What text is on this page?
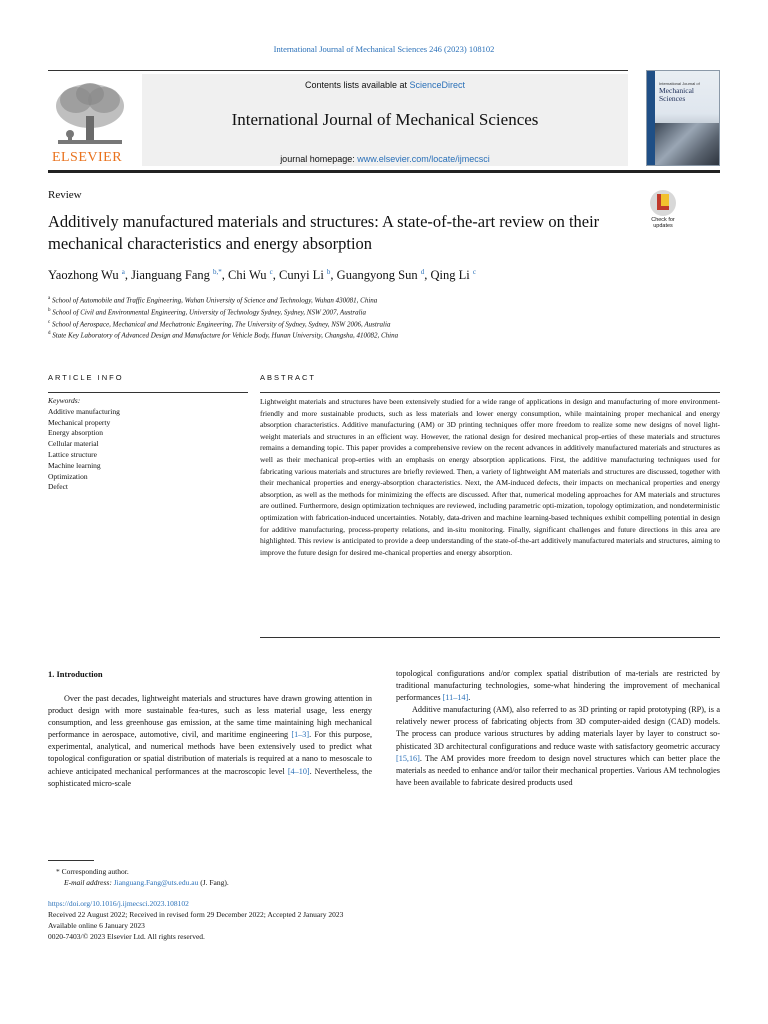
International Journal of Mechanical Sciences 246 (2023) 108102
ELSEVIER
Contents lists available at ScienceDirect
International Journal of Mechanical Sciences
journal homepage: www.elsevier.com/locate/ijmecsci
International Journal of
Mechanical
Sciences
Review
Additively manufactured materials and structures: A state-of-the-art review on their mechanical characteristics and energy absorption
Check for updates
Yaozhong Wu $^a$, Jianguang Fang $^{b,*}$, Chi Wu $^c$, Cunyi Li $^b$, Guangyong Sun $^d$, Qing Li $^c$
$^a$ School of Automobile and Traffic Engineering, Wuhan University of Science and Technology, Wuhan 430081, China
$^b$ School of Civil and Environmental Engineering, University of Technology Sydney, Sydney, NSW 2007, Australia
$^c$ School of Aerospace, Mechanical and Mechatronic Engineering, The University of Sydney, Sydney, NSW 2006, Australia
$^d$ State Key Laboratory of Advanced Design and Manufacture for Vehicle Body, Hunan University, Changsha, 410082, China
ARTICLE INFO	ABSTRACT
Keywords:
Additive manufacturing
Mechanical property
Energy absorption
Cellular material
Lattice structure
Machine learning
Optimization
Defect
Lightweight materials and structures have been extensively studied for a wide range of applications in design and manufacturing of more environment-friendly and more sustainable products, such as less materials and lower energy consumption, while maintaining proper mechanical and energy absorption characteristics. Additive manufacturing (AM) or 3D printing techniques offer more freedom to realize some new designs of novel light-weight materials and structures in an efficient way. However, the rational design for desired mechanical prop-erties of these materials and structures remains a demanding topic. This paper provides a comprehensive review on the recent advances in additively manufactured materials and structures as well as their mechanical prop-erties with an emphasis on energy absorption applications. First, the additive manufacturing techniques used for fabricating various materials and structures are briefly reviewed. Then, a variety of lightweight AM materials and structures are discussed, together with their mechanical properties and energy-absorption characteristics. Next, the AM-induced defects, their impacts on mechanical properties and energy absorption, as well as the methods for minimizing the effects are discussed. After that, numerical modeling approaches for AM materials and structures are outlined. Furthermore, design optimization techniques are reviewed, including parametric opti-mization, topology optimization, and nondeterministic optimization with fabrication-induced uncertainties. Notably, data-driven and machine learning-based techniques exhibit compelling potential in design for additive manufacturing, process-property relations, and in-situ monitoring. Finally, significant challenges and future directions in this area are highlighted. This review is anticipated to provide a deep understanding of the state-of-the-art additively manufactured materials and structures, aiming to improve the future design for desired me-chanical properties and energy absorption.
1. Introduction
Over the past decades, lightweight materials and structures have drawn growing attention in product design with more sustainable fea-tures, such as less material usage, less energy consumption, and less greenhouse gas emission, at the same time maintaining high mechanical performance in aerospace, automotive, civil, and maritime engineering [1–3]. For this purpose, experimental, analytical, and numerical methods have been extensively used to predict what topological configuration or spatial distribution of materials is required at a nano to mesoscale to achieve anticipated mechanical performances at the macroscopic level [4–10]. Nevertheless, the sophisticated micro-scale

topological configurations and/or complex spatial distribution of ma-terials are restricted by traditional manufacturing technologies, some-what hindering the improvement of mechanical performances [11–14].

Additive manufacturing (AM), also referred to as 3D printing or rapid prototyping (RP), is a relatively newer process of fabricating objects from 3D computer-aided design (CAD) models. The process can produce various structures by adding materials layer by layer to construct so-phisticated 3D architectural configurations and reduce waste with satisfactory geometric accuracy [15,16]. The AM provides more freedom to design novel structures which can better place the materials as needed to enhance and/or tailor their mechanical properties. Various AM technologies have been available to fabricate desired products used

* Corresponding author.
E-mail address: Jianguang.Fang@uts.edu.au (J. Fang).
https://doi.org/10.1016/j.ijmecsci.2023.108102
Received 22 August 2022; Received in revised form 29 December 2022; Accepted 2 January 2023
Available online 6 January 2023
0020-7403/© 2023 Elsevier Ltd. All rights reserved.
